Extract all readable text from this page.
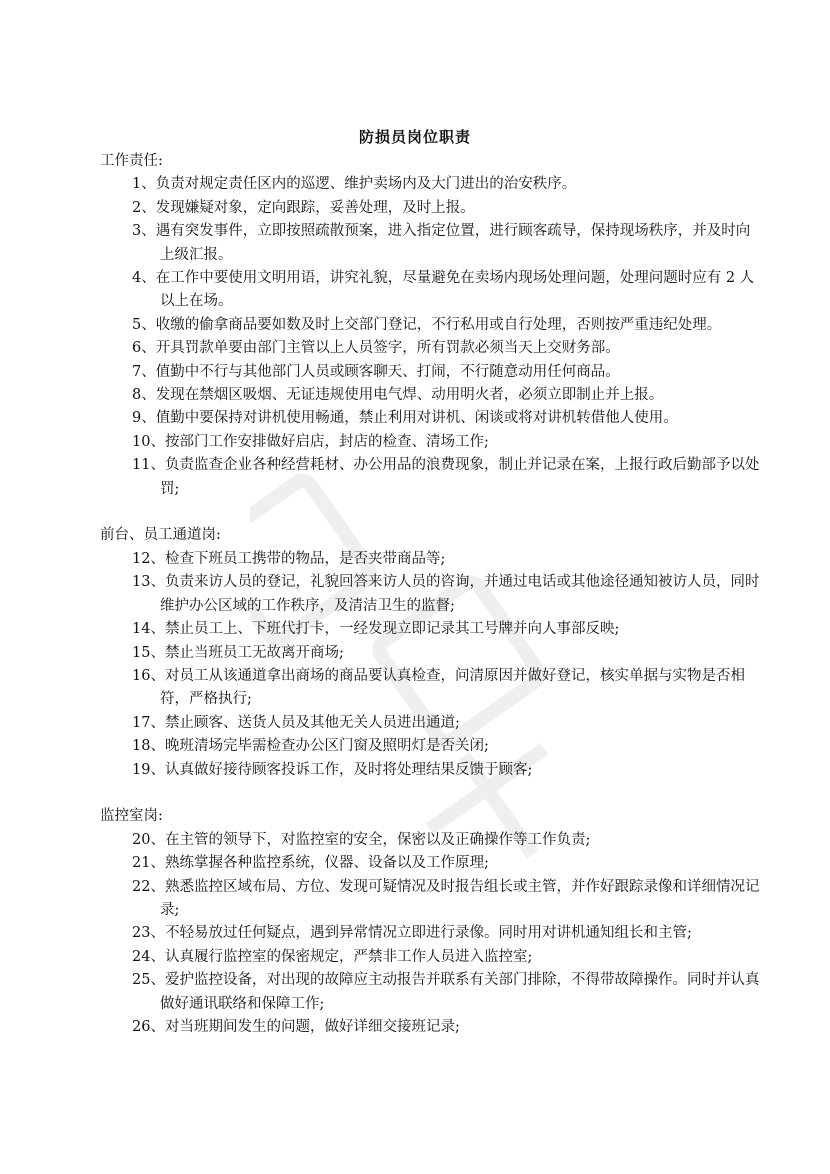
防损员岗位职责
工作责任:
1、负责对规定责任区内的巡逻、维护卖场内及大门进出的治安秩序。
2、发现嫌疑对象，定向跟踪，妥善处理，及时上报。
3、遇有突发事件，立即按照疏散预案，进入指定位置，进行顾客疏导，保持现场秩序，并及时向上级汇报。
4、在工作中要使用文明用语，讲究礼貌，尽量避免在卖场内现场处理问题，处理问题时应有 2 人以上在场。
5、收缴的偷拿商品要如数及时上交部门登记，不行私用或自行处理，否则按严重违纪处理。
6、开具罚款单要由部门主管以上人员签字，所有罚款必须当天上交财务部。
7、值勤中不行与其他部门人员或顾客聊天、打闹，不行随意动用任何商品。
8、发现在禁烟区吸烟、无证违规使用电气焊、动用明火者，必须立即制止并上报。
9、值勤中要保持对讲机使用畅通，禁止利用对讲机、闲谈或将对讲机转借他人使用。
10、按部门工作安排做好启店，封店的检查、清场工作;
11、负责监查企业各种经营耗材、办公用品的浪费现象，制止并记录在案，上报行政后勤部予以处罚;
前台、员工通道岗:
12、检查下班员工携带的物品，是否夹带商品等;
13、负责来访人员的登记，礼貌回答来访人员的咨询，并通过电话或其他途径通知被访人员，同时维护办公区域的工作秩序，及清洁卫生的监督;
14、禁止员工上、下班代打卡，一经发现立即记录其工号牌并向人事部反映;
15、禁止当班员工无故离开商场;
16、对员工从该通道拿出商场的商品要认真检查，问清原因并做好登记，核实单据与实物是否相符，严格执行;
17、禁止顾客、送货人员及其他无关人员进出通道;
18、晚班清场完毕需检查办公区门窗及照明灯是否关闭;
19、认真做好接待顾客投诉工作，及时将处理结果反馈于顾客;
监控室岗:
20、在主管的领导下，对监控室的安全，保密以及正确操作等工作负责;
21、熟练掌握各种监控系统，仪器、设备以及工作原理;
22、熟悉监控区域布局、方位、发现可疑情况及时报告组长或主管，并作好跟踪录像和详细情况记录;
23、不轻易放过任何疑点，遇到异常情况立即进行录像。同时用对讲机通知组长和主管;
24、认真履行监控室的保密规定，严禁非工作人员进入监控室;
25、爱护监控设备，对出现的故障应主动报告并联系有关部门排除，不得带故障操作。同时并认真做好通讯联络和保障工作;
26、对当班期间发生的问题，做好详细交接班记录;
